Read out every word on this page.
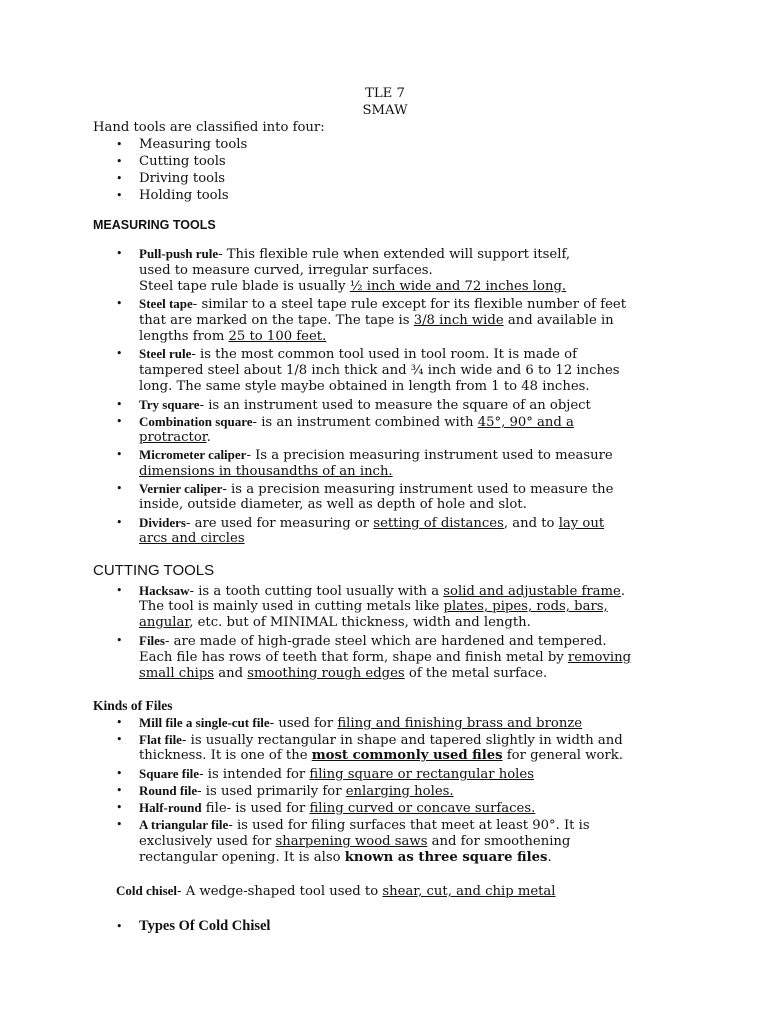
TLE 7
SMAW
Hand tools are classified into four:
• Measuring tools
• Cutting tools
• Driving tools
• Holding tools
MEASURING TOOLS
• Pull-push rule- This flexible rule when extended will support itself,
used to measure curved, irregular surfaces.
Steel tape rule blade is usually ½ inch wide and 72 inches long.
• Steel tape- similar to a steel tape rule except for its flexible number of feet
that are marked on the tape. The tape is 3/8 inch wide and available in
lengths from 25 to 100 feet.
• Steel rule- is the most common tool used in tool room. It is made of
tampered steel about 1/8 inch thick and ¾ inch wide and 6 to 12 inches
long. The same style maybe obtained in length from 1 to 48 inches.
• Try square- is an instrument used to measure the square of an object
• Combination square- is an instrument combined with 45°, 90° and a
protractor.
• Micrometer caliper- Is a precision measuring instrument used to measure
dimensions in thousandths of an inch.
• Vernier caliper- is a precision measuring instrument used to measure the
inside, outside diameter, as well as depth of hole and slot.
• Dividers- are used for measuring or setting of distances, and to lay out
arcs and circles
CUTTING TOOLS
• Hacksaw- is a tooth cutting tool usually with a solid and adjustable frame.
The tool is mainly used in cutting metals like plates, pipes, rods, bars,
angular, etc. but of MINIMAL thickness, width and length.
• Files- are made of high-grade steel which are hardened and tempered.
Each file has rows of teeth that form, shape and finish metal by removing
small chips and smoothing rough edges of the metal surface.
Kinds of Files
• Mill file a single-cut file- used for filing and finishing brass and bronze
• Flat file- is usually rectangular in shape and tapered slightly in width and
thickness. It is one of the most commonly used files for general work.
• Square file- is intended for filing square or rectangular holes
• Round file- is used primarily for enlarging holes.
• Half-round file- is used for filing curved or concave surfaces.
• A triangular file- is used for filing surfaces that meet at least 90°. It is
exclusively used for sharpening wood saws and for smoothening
rectangular opening. It is also known as three square files.
Cold chisel- A wedge-shaped tool used to shear, cut, and chip metal
• Types Of Cold Chisel
